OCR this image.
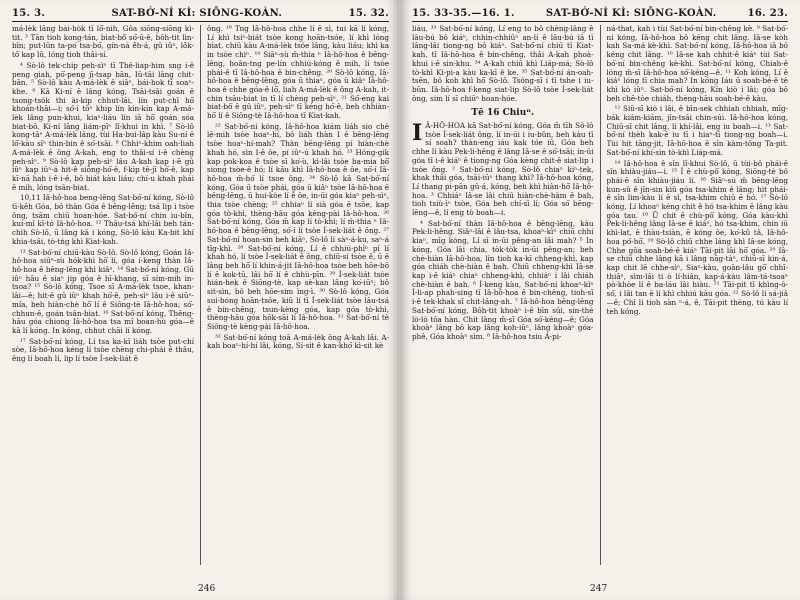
15. 3.	SAT-BÓ͘-NÍ KÌ: SIŌNG-KOÀN.	15. 32.

má-lèk lâng bái-hòk tī lō͘-nih, Gôa siōng-siōng kì-tit. ³ Tān tioh kong-tán, biat-bô͘ só͘-ū-ê, bôh-tit lìn-bîn; put-lūn ta-po͘ tsa-bó͘, gín-ná ê̍h-á, gû iûⁿ, lô̍k-tô͘ kap lû, lóng tioh thâi-sí.

⁴ Sò-lô tek-chip peh-sìⁿ tī Thê-liap-him sng i-ê peng giah, pō͘-peng jī-tsap bān, Iû-tāi lâng chit-bān. ⁵ Sò-lô kàu A-má-lèk ê siâⁿ, bái-hok tī soaⁿ-khe. ⁶ Kā Ki-ní ê lâng kóng, Tsāi-tsāi goán ê tsong-tsòk thi ài-kip chhut-lâi, lín put-chī hō͘ khoán-thâi—i; só͘-í tōⁿ khip lín kín-kín kap A-má-lèk lâng pun-khui, kiaⁿ-liáu lín iā hō͘ goán sóa biat-bô. Kí-ní lâng liám-pīⁿ lī-khui in khì. ⁷ Sò-lô kong-tāⁿ A-má-lèk lâng, tùi Ha-bui-lâp kàu Su-ní ê lō͘-kàu sîⁿ thin-bin ê só͘-tsāi. ⁸ Chhiⁿ-khim oah-liah A-má-lèk ê ông A-kah, eng to thâi-sí i-ê chèng peh-sìⁿ. ⁹ Sò-lô kap peh-sìⁿ lâu A-kah kap i-ê gû iûⁿ kap iûⁿ-á hit-ê siōng-hó͘-ê, f-kip tē-jī hó͘-ê, kap kī-nā hah i-ê i-ê, bô biát kàu liáu; chí-u khah phái ê mih, lóng tsān-biat.

10,11 Iâ-hô-hoa beng-lēng Sat-bó͘-ní kóng, Sò-lô tī-kêh Góa, bô thàn Góa ê bêng-lēng; tsá lip i tsòe ông, tsām chiū hoan-hóe. Sat-bó͘-ní chin iu-bîn, kui-mî kī-tó Iâ-hô-hoa. ¹² Thâu-tsá khí-lâi beh tán-chih Sò-lô, ū lâng kā i kóng, Sò-lô kàu Ka-bit khí khia-tsâi, tò-tńg khì Kiat-kah.

¹³ Sat-bó͘-ní chiū-kàu Sò-lô. Sò-lô kóng, Goán Iâ-hô-hoa siūⁿ-sù hók-khì hō͘ lí, góa í-keng thàn Iâ-hô-hoa ê bêng-lēng khì kiâⁿ. ¹⁴ Sat-bó͘-ní kóng, Gū iûⁿ hāu ê siaⁿ jip góa ê hī-khang, sī sím-mih in-tsoa? ¹⁵ Sò-lô kóng, Tsoe sī A-má-lèk tsoe, khan-lâi—ê; hit-ê gû iûⁿ khah hó͘-ê, peh-sìⁿ lâu i-ê siūⁿ-mí͘a, beh hiàn-chè hō͘ lí ê Siōng-tè Iâ-hô-hoa; só͘-chhun-ê, goán tsân-bi̍at. ¹⁶ Sat-bó͘-ní kóng, Thêng-hāu góa chiong Iâ-hô-hoa tsa mî boan-hù góa—ê kā lí kóng. In kóng, chhut chāi lí kóng.

¹⁷ Sat-bó͘-ní kóng, Lí tsa ka-kī liáh tsòe put-chí sòe, Iâ-hô-hoa kéng lí tsòe chèng chi-phái ê thâu, êng lí boah lí, lip lí tsòe Í-sek-liát ê

ông. ¹⁸ Tng Iâ-hô-hoa chhe lí ê sì, tui kā lí kóng, Lí khì tsiⁿ-biát tsòe kong hoān-tsóe, lí khì lóng bi̍at, chiū kàu A-má-lèk tsóe lâng, kàu liáu; khì ka in tsòe chiⁿ. ¹⁹ Siāⁿ-sù m̄-thia ⁿ Iâ-hô-hoa ê bēng-lēng, hoân-tng pe-lín chhiú-kóng ê mih, lí tsòe phái-ê tī Iâ-hô-hoa ê bin-chêng. ²⁰ Sò-lô kóng, Iâ-hô-hoa ê bēng-lēng, góa ū thiaⁿ, góa ū kiâⁿ Iâ-hô-hoa ê chhe góa-ê lō͘, liah A-má-lèk ê ông A-kah, it-chin tsāu-biat in tī lí chèng peh-sìⁿ. ²¹ Só͘-eng kai biat-bô͘ ê gû iûⁿ, peh-sìⁿ tī kéng hó͘-ê, beh chhiàn-hō͘ lí ê Siōng-tè Iâ-hô-hoa tī Kiat-kah.

²² Sat-bó͘-ní kóng, Iâ-hô-hoa kiám liáh sio chè lē-mih tsòe hoaⁿ-hí, bô liáh thàn I ê bēng-lēng tsòe hoaⁿ-hí-mah? Thàn bēng-lēng pí hiàn-chè khah hó, sìn I-ê ôe, pí iûⁿ-ú khah hó. ²³ Hóng-gik kap pok-koa ê tsòe sī ko͘-ù, kì-lâi tsòe ba-mia bō͘ siong tsòe-ê hó; lí kāu khì Iâ-hô-hoa ê ôe, só͘-í Iâ-hô-hoa m̄-hó͘ lí tsoe ông. ²⁴ Sò-lô kā Sat-bó͘-ní kóng, Góa ū tsòe phái, góa ū kiâⁿ tsòe Iâ-hô-hoa ê bēng-lēng, ū hui-kòe lí ê ôe, in-ūi góa kiaⁿ peh-sìⁿ, thia tsòe chèng; ²⁵ chhiaⁿ lí sià góa ê tsōe, kap góa tò-khì, thèng-hāu góa kèng-pài Iâ-hô-hoa. ²⁶ Sat-bó͘-ní kóng, Góa m̄ kap lí tò-khì; lí m̄-thia ⁿ Iâ-hô-hoa ê bēng-lēng, só͘-í lí tsòe Í-sek-liát ê ông. ²⁷ Sat-bó͘-ní hoan-sin beh kiâⁿ, Sò-lô lí sàⁿ-á-ku, saⁿ-á tīg-khì. ²⁸ Sat-bó͘-ní kóng, Lí ê chhiú-phîⁿ pí lí khah hó, lí tsòe Í-sek-liát ê ông, chiū-sí tsòe ê, ū ê lâng beh hō͘ lí khin-á-jit Iâ-hô-hoa tsòe beh hōe-bō lí ê kok-tū, lâi hō͘ lí ê chhù-pīn. ²⁹ Í-sek-liát tsòe hián-hek ê Siōng-tè, kap sè-kan lâng ko͘-iūⁿ; bô sit-sìn, bô beh hōe-sim ìng-ì. ³⁰ Sò-lô kóng, Góa sui-bóng hoān-tsōe, kiû lí tī Í-sek-liát tsòe lâu-tsá ê bin-chêng, tsun-kèng góa, kap góa tò-khì, thèng-hāu góa hōk-sāi lí Iâ-hô-hoa. ³¹ Sat-bó͘-ní tè Siōng-tè kèng-pài Iâ-hô-hoa.

³² Sat-bó͘-ní kóng toā A-má-lèk ông A-kah lâi. A-kah boaⁿ-hí-hí lâi, kóng, Sí-sit ê kan-khó͘ kì-sit kè

246
15. 33-35.—16. 1.	SAT-BÓ͘-NÍ KÌ: SIŌNG-KOÀN.	16. 23.

liáu. ³³ Sat-bó͘-ní kóng, Lí eng to bô chèng-lâng ê lāu-bú bô kiáⁿ, chhin-chhiūⁿ an-lí ê lāu-bú iā tī lâng-lâi tiong-ng bô kiáⁿ. Sat-bó͘-ní chiū tī Kiat-kah, tī Iâ-hô-hoa ê bin-chêng, thâi A-kah phoà-khui i-ê sin-khu. ³⁴ A-kah chiū khì Liáp-má; Sò-lô tò-khì Ki-pi-a kàu ka-kī ê ke. ³⁵ Sat-bó͘-ní án-oah-tsēn, bô koh khì hō͘ Sò-lô. Tsóng-sī í tī tshe i iu-bûn. Iâ-hô-hoa f-keng siat-lip Sò-lô tsòe Í-sek-liát ông, sim lí sī chiūⁿ hoan-hóe.

Tē 16 Chiuⁿ.

I Â-HÔ-HOA kā Sat-bó͘-ní kóng, Góa m̄ tīh Sò-lô tsòe Í-sek-liát ông, lí in-ūi i iu-bûn, beh kàu tī sí soah? thàn-eng iáu kak tóe iû, Góa beh chhe lí kàu Pek-li-hêng ê lâng Iâ-se ê só͘-tsāi; in-ūi góa tī i-ê kiáⁿ ê tiong-ng Góa kèng chit-ê siat-lip i tsòe ông. ² Sat-bó͘-ní kóng, Sò-lô chiaⁿ kiⁿ-tek, khak thâi góa, tsāi-iūⁿ thang khì? Iâ-hô-hoa kóng, Lí thang pi-pān gû-á, kóng, beh khì hiàn-hō͘ Iâ-hô-hoa. ³ Chhiáⁿ Iâ-se lâi chiū hiàn-chè-hàm ê bah, tioh tsiù-ìⁿ tsòe, Góa beh chí-sī lí; Góa só͘ bēng-lēng—ê, lí eng tò boah—i.

⁴ Sat-bó͘-ní thàn Iâ-hô-hoa ê bēng-lēng, kàu Pek-li-hêng. Siâⁿ-lāi ê lâu-tsa, khoaⁿ-kìⁿ chiū chhi kiaⁿ, mīg kóng, Lí sī in-ūi pêng-an lâi mah? ⁵ In kóng, Góa lâi chia, tòk-tòk in-ūi pêng-an; beh chè-hiàn Iâ-hô-hoa, lín tioh ka-kī chheng-khì, kap góa chiáh chè-hiàn ê bah. Chiū chheng-khì Iâ-se kap i-ê kiáⁿ chiaⁿ chheng-khì, chhiáⁿ i lâi chiáh chè-hiàn ê bah. ⁶ Í-keng kàu, Sat-bó͘-ní khoaⁿ-kìⁿ Í-li-ap phah-sing tī Iâ-hô-hoa ê bin-chêng, tioh-sī i-ê tek-khak sī chit-lâng-ah. ⁷ Iâ-hô-hoa bēng-lēng Sat-bó͘-ní kóng, Bôh-tit khoàⁿ i-ê bīn sūi, sin-thé lò-lò tōa hàn. Chit lâng m̄-sī Góa só͘-kéng—ê; Góa khoàⁿ lâng bô kap lâng koh-iūⁿ, lâng khoàⁿ góa-phê, Góa khoàⁿ sìm. ⁸ Iâ-hô-hoa tsiu Á-pi-

ná-that, kah i tùi Sat-bó͘-ní bin-chêng kè. ⁹ Sat-bó͘-ní kóng, Iâ-hô-hoa bô kéng chit lâng. Iâ-se kòh kah Sa-má kè-khì. Sat-bó͘-ní kóng, Iâ-hô-hoa iā bô kéng chit lâng. ¹⁰ Iâ-se kah chhit-ê kiáⁿ tùi Sat-bó͘-ní bin-chêng kè-khì. Sat-bó͘-ní kóng, Chiah-ê lóng m̄-sī Iâ-hô-hoa só͘-kéng—ê. ¹¹ Koh kóng, Lí ê kiáⁿ lóng tī chia mah? In kóng Iáu ū soah-bé-ê tè khì kò iûⁿ. Sat-bó͘-ní kóng, Kín kiò i lâi; góa bô beh chē-tòe chiáh, thèng-hāu soah-bé-ê kàu.

¹² Siū-sī kiò i lâi, ê bīn-sek chhiah chhiah, mīg-bák kiám-kiám, jîn-tsāi chin-súi. Iâ-hô-hoa kóng, Chiū-sī chit lâng, lí khí-lâi, eng iu boah—i. ¹³ Sat-bó͘-ní thèh kak-ē iu tī i hiaⁿ-tī tiong-ng boah—i. Tùi hit tāng-jit, Iâ-hô-hoa ê sîn kàm-tōng Ta-pit. Sat-bó͘-ní khí-sin tò-khì Liáp-má.

¹⁴ Iâ-hô-hoa ê sîn lī-khui Sò-lô, ū tùi-bô phái-ê sîn khiàu-jiáu—i. ¹⁵ Í ê chù-pō͘ kóng, Siōng-tè bô phái-ê sîn khiàu-jiáu lí. ¹⁶ Siāⁿ-sù m̄ bēng-lēng kun-sû ê jîn-sin kiû góa tsa-khim ê lâng; hit phái-ê sîn lim-kàu lí ê sì, tsa-khim chiū ē hó. ¹⁷ Sò-lô kóng, Lí khoaⁿ kéng chit ê hó tsa-khim ê lâng kàu góa tau. ¹⁸ Ū chit ê chù-pō͘ kóng, Góa kàu-khì Pek-li-hêng lâng Iâ-se ê kiáⁿ, hó tsa-khim, chin iū khì-lat, ē thàu-tsiàn, ē kóng ôe, ko͘-kû tâ, Iâ-hô-hoa pó͘-hō͘. ¹⁹ Sò-lô chiū chhe lâng khì Iâ-se kóng, Chhe gôa soah-bé-ê kiáⁿ Tāi-pit lâi hō͘ góa. ²⁰ Iâ-se chiū chhe lâng kā i lâng nāg-tàⁿ, chiū-sī kin-á, kap chit lē chhe-sìⁿ, Siaⁿ-kàu, goân-lâu gō͘ chhī-thiāⁿ, sìm-lâi ti ò lí-hiân, kap-á-kàu lâm-tá-tsoaⁿ pò-khòe lí ê ba-láu lâi hiàu. ²¹ Tāi-pit tī khìng-ō-só͘, i lâi tan ē lí khì chhiú kàu góa. ²² Sò-lô lí sá-jiâ—ê; Chî lí tioh sàn ⁿ-á, ê, Tāi-pit thèng, tú kàu lí teh kóng.

247
